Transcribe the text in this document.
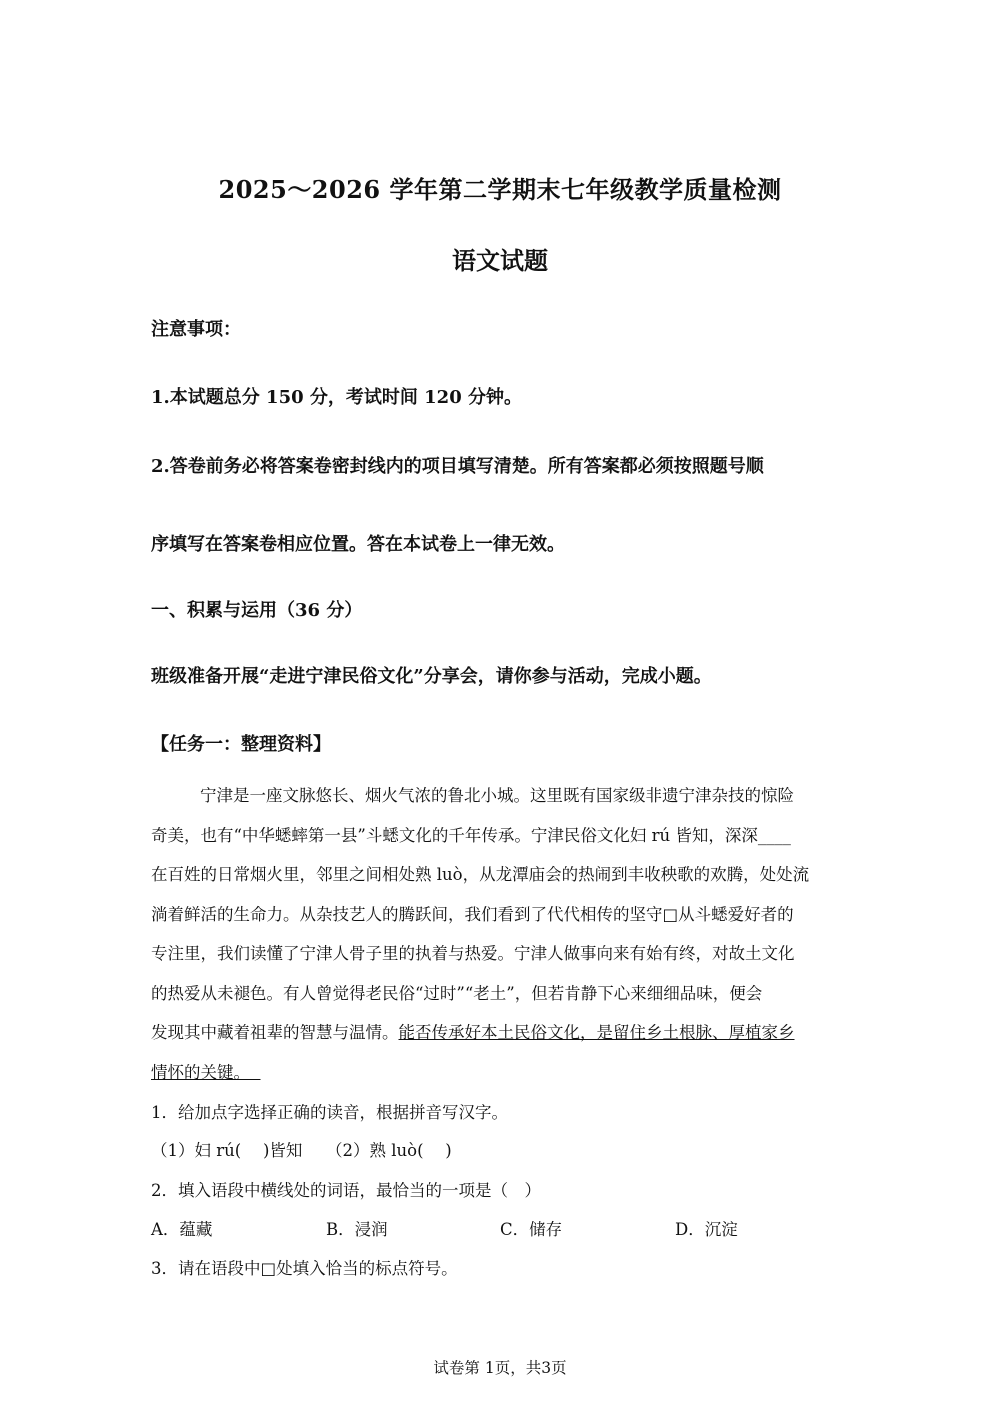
2025～2026 学年第二学期末七年级教学质量检测
语文试题
注意事项：
1.本试题总分 150 分，考试时间 120 分钟。
2.答卷前务必将答案卷密封线内的项目填写清楚。所有答案都必须按照题号顺
序填写在答案卷相应位置。答在本试卷上一律无效。
一、积累与运用（36 分）
班级准备开展“走进宁津民俗文化”分享会，请你参与活动，完成小题。
【任务一：整理资料】
宁津是一座文脉悠长、烟火气浓的鲁北小城。这里既有国家级非遗宁津杂技的惊险
奇美，也有“中华蟋蟀第一县”斗蟋文化的千年传承。宁津民俗文化妇 rú 皆知，深深____
在百姓的日常烟火里，邻里之间相处熟 luò，从龙潭庙会的热闹到丰收秧歌的欢腾，处处流
淌着鲜活的生命力。从杂技艺人的腾跃间，我们看到了代代相传的坚守□从斗蟋爱好者的
专注里，我们读懂了宁津人骨子里的执着与热爱。宁津人做事向来有始有终，对故土文化
的热爱从未褪色。有人曾觉得老民俗“过时”“老土”，但若肯静下心来细细品味，便会
发现其中藏着祖辈的智慧与温情。能否传承好本土民俗文化，是留住乡土根脉、厚植家乡
情怀的关键。
1．给加点字选择正确的读音，根据拼音写汉字。
（1）妇 rú(　 )皆知 （2）熟 luò(　 )
2．填入语段中横线处的词语，最恰当的一项是（　）
A．蕴藏	B．浸润	C．储存	D．沉淀
3．请在语段中□处填入恰当的标点符号。
试卷第 1页，共3页
